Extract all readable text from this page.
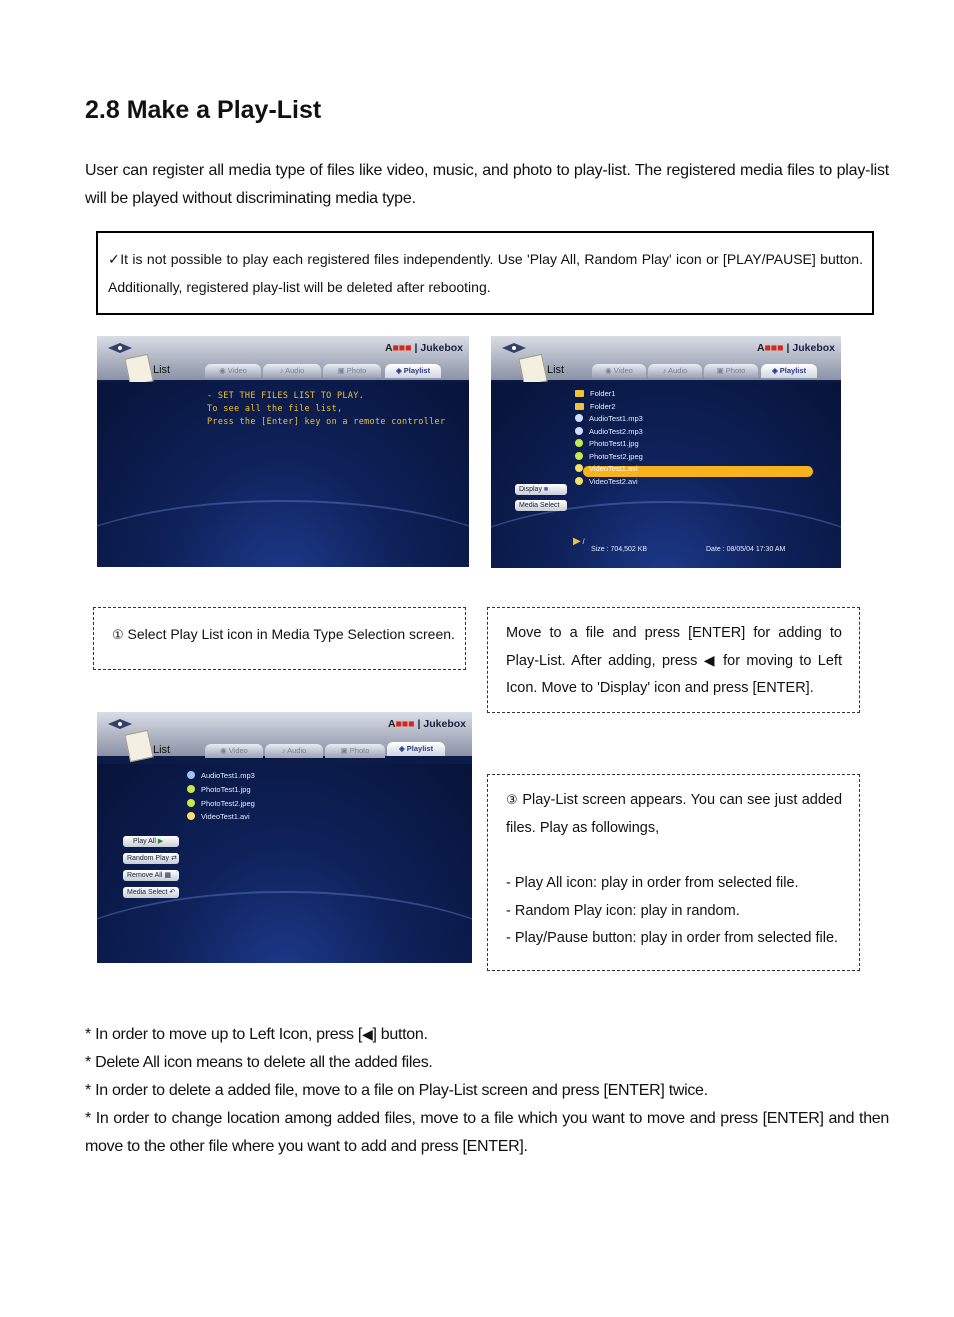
2.8 Make a Play-List
User can register all media type of files like video, music, and photo to play-list. The registered media files to play-list will be played without discriminating media type.
✓It is not possible to play each registered files independently. Use 'Play All, Random Play' icon or [PLAY/PAUSE] button. Additionally, registered play-list will be deleted after rebooting.
List
A■■■ | Jukebox
◉ Video	♪ Audio	▣ Photo	◈ Playlist
- SET THE FILES LIST TO PLAY.
To see all the file list,
Press the [Enter] key on a remote controller
List
A■■■ | Jukebox
◉ Video	♪ Audio	▣ Photo	◈ Playlist
Folder1
Folder2
AudioTest1.mp3
AudioTest2.mp3
PhotoTest1.jpg
PhotoTest2.jpeg
VideoTest1.avi
VideoTest2.avi
Display ■
Media Select ↶
▶ /
Size : 704,502 KB	Date : 08/05/04 17:30 AM
① Select Play List icon in Media Type Selection screen.	Move to a file and press [ENTER] for adding to Play-List. After adding, press ◀ for moving to Left Icon. Move to 'Display' icon and press [ENTER].
List
A■■■ | Jukebox
◉ Video	♪ Audio	▣ Photo	◈ Playlist
AudioTest1.mp3
PhotoTest1.jpg
PhotoTest2.jpeg
VideoTest1.avi
Play All ▶
Random Play ⇄
Remove All ▦
Media Select ↶
③ Play-List screen appears. You can see just added files. Play as followings,
- Play All icon: play in order from selected file.
- Random Play icon: play in random.
- Play/Pause button: play in order from selected file.

* In order to move up to Left Icon, press [◀] button.

* Delete All icon means to delete all the added files.

* In order to delete a added file, move to a file on Play-List screen and press [ENTER] twice.

* In order to change location among added files, move to a file which you want to move and press [ENTER] and then move to the other file where you want to add and press [ENTER].
